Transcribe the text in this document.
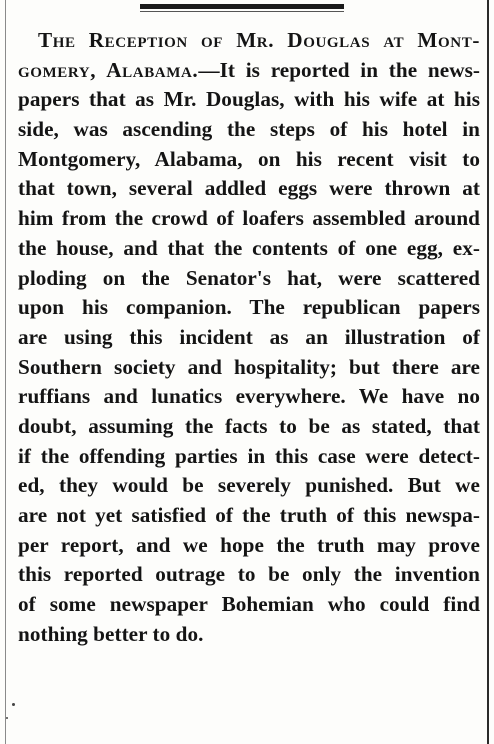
The Reception of Mr. Douglas at Mont-
gomery, Alabama.—It is reported in the news-
papers that as Mr. Douglas, with his wife at his
side, was ascending the steps of his hotel in
Montgomery, Alabama, on his recent visit to
that town, several addled eggs were thrown at
him from the crowd of loafers assembled around
the house, and that the contents of one egg, ex-
ploding on the Senator's hat, were scattered
upon his companion. The republican papers
are using this incident as an illustration of
Southern society and hospitality; but there are
ruffians and lunatics everywhere. We have no
doubt, assuming the facts to be as stated, that
if the offending parties in this case were detect-
ed, they would be severely punished. But we
are not yet satisfied of the truth of this newspa-
per report, and we hope the truth may prove
this reported outrage to be only the invention
of some newspaper Bohemian who could find
nothing better to do.
